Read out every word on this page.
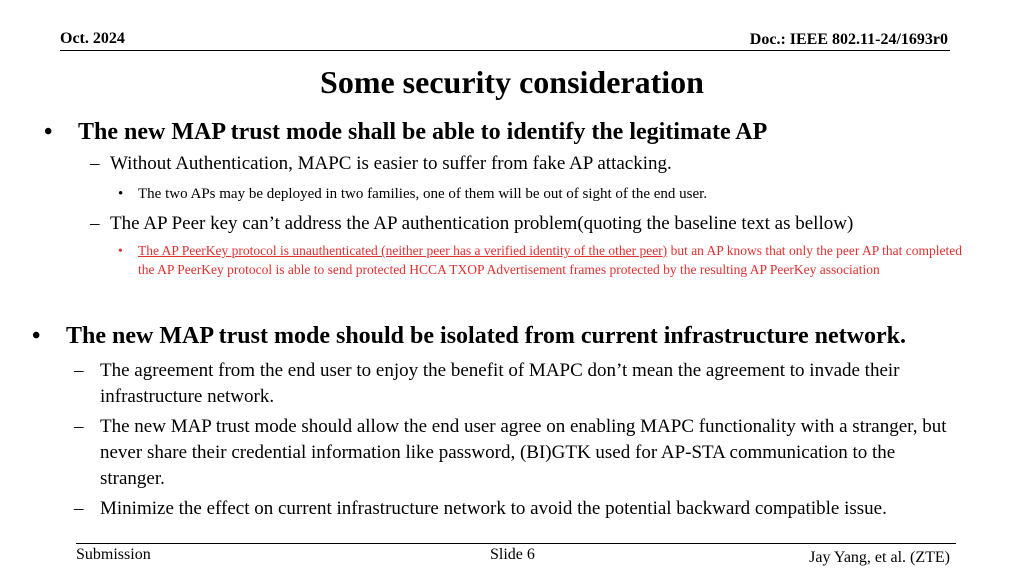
Oct. 2024	Doc.: IEEE 802.11-24/1693r0
Some security consideration
• The new MAP trust mode shall be able to identify the legitimate AP
– Without Authentication, MAPC is easier to suffer from fake AP attacking.
• The two APs may be deployed in two families, one of them will be out of sight of the end user.
– The AP Peer key can’t address the AP authentication problem(quoting the baseline text as bellow)
• The AP PeerKey protocol is unauthenticated (neither peer has a verified identity of the other peer) but an AP knows that only the peer AP that completed the AP PeerKey protocol is able to send protected HCCA TXOP Advertisement frames protected by the resulting AP PeerKey association
• The new MAP trust mode should be isolated from current infrastructure network.
– The agreement from the end user to enjoy the benefit of MAPC don’t mean the agreement to invade their infrastructure network.
– The new MAP trust mode should allow the end user agree on enabling MAPC functionality with a stranger, but never share their credential information like password, (BI)GTK used for AP-STA communication to the stranger.
– Minimize the effect on current infrastructure network to avoid the potential backward compatible issue.
Submission	Slide 6	Jay Yang, et al. (ZTE)
